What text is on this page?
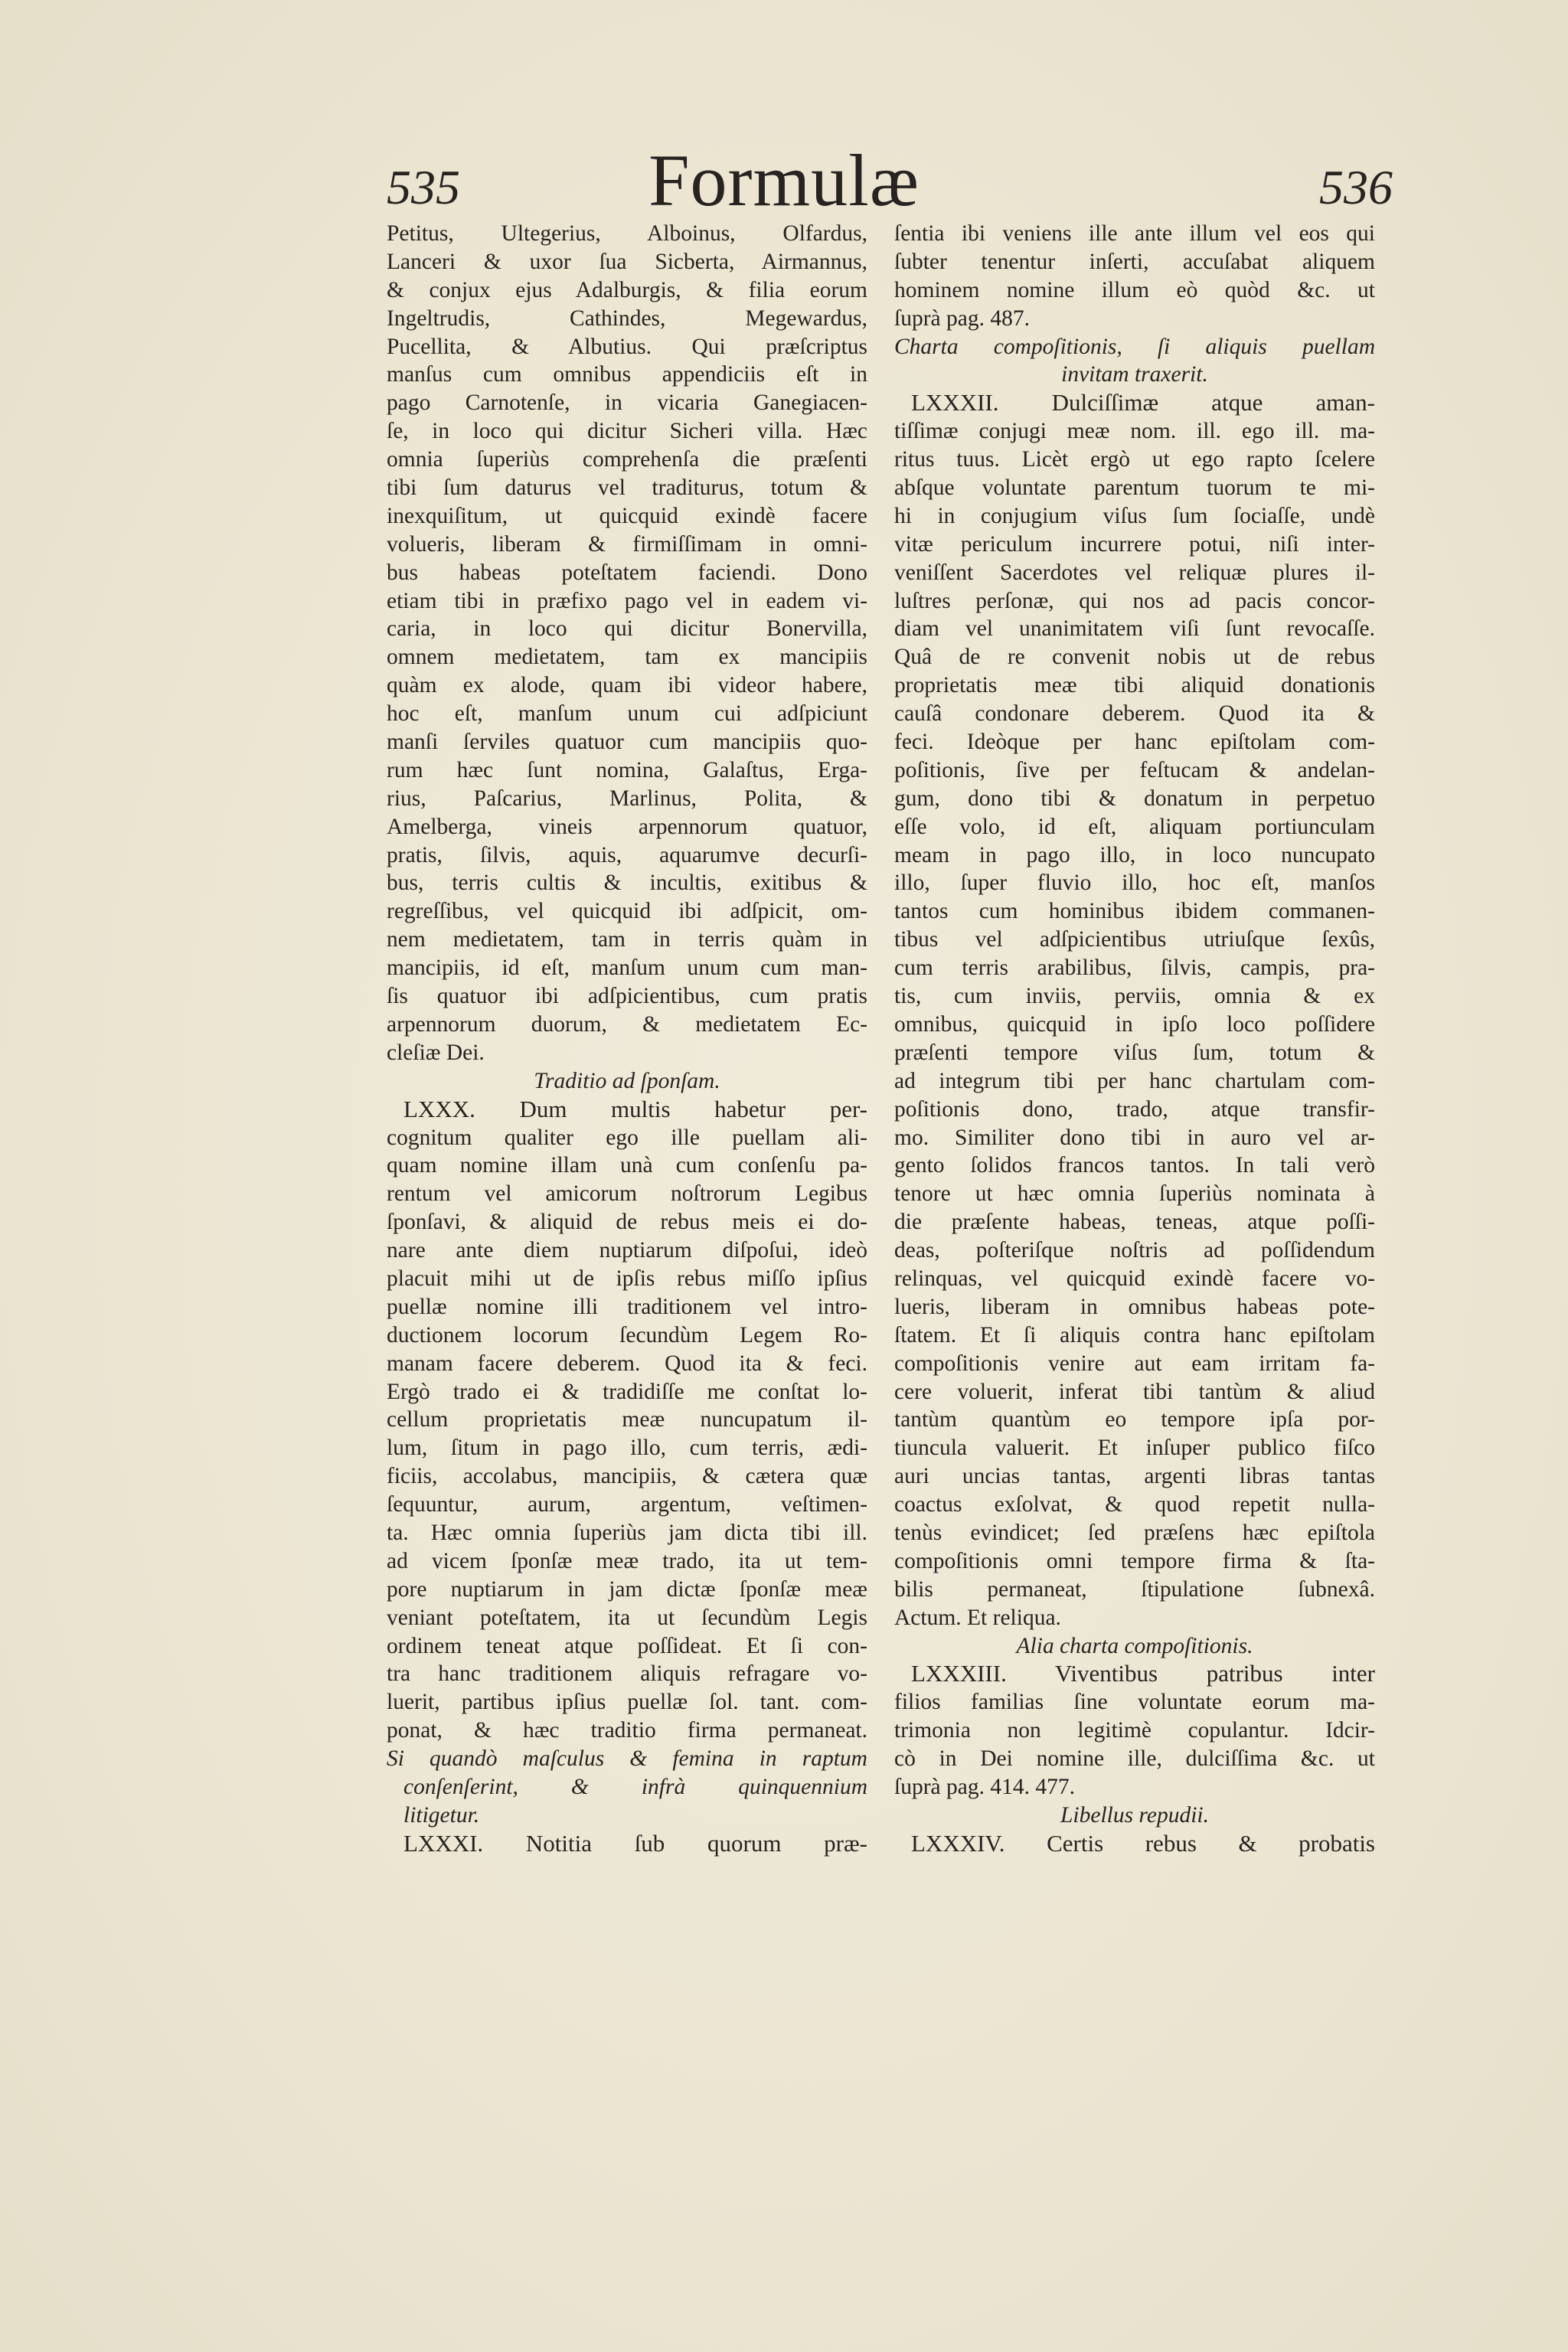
535	Formulæ	536
Petitus, Ultegerius, Alboinus, Olfardus,
Lanceri & uxor ſua Sicberta, Airmannus,
& conjux ejus Adalburgis, & filia eorum
Ingeltrudis, Cathindes, Megewardus,
Pucellita, & Albutius. Qui præſcriptus
manſus cum omnibus appendiciis eſt in
pago Carnotenſe, in vicaria Ganegiacen-
ſe, in loco qui dicitur Sicheri villa. Hæc
omnia ſuperiùs comprehenſa die præſenti
tibi ſum daturus vel traditurus, totum &
inexquiſitum, ut quicquid exindè facere
volueris, liberam & firmiſſimam in omni-
bus habeas poteſtatem faciendi. Dono
etiam tibi in præfixo pago vel in eadem vi-
caria, in loco qui dicitur Bonervilla,
omnem medietatem, tam ex mancipiis
quàm ex alode, quam ibi videor habere,
hoc eſt, manſum unum cui adſpiciunt
manſi ſerviles quatuor cum mancipiis quo-
rum hæc ſunt nomina, Galaſtus, Erga-
rius, Paſcarius, Marlinus, Polita, &
Amelberga, vineis arpennorum quatuor,
pratis, ſilvis, aquis, aquarumve decurſi-
bus, terris cultis & incultis, exitibus &
regreſſibus, vel quicquid ibi adſpicit, om-
nem medietatem, tam in terris quàm in
mancipiis, id eſt, manſum unum cum man-
ſis quatuor ibi adſpicientibus, cum pratis
arpennorum duorum, & medietatem Ec-
cleſiæ Dei.
Traditio ad ſponſam.
LXXX. Dum multis habetur per-
cognitum qualiter ego ille puellam ali-
quam nomine illam unà cum conſenſu pa-
rentum vel amicorum noſtrorum Legibus
ſponſavi, & aliquid de rebus meis ei do-
nare ante diem nuptiarum diſpoſui, ideò
placuit mihi ut de ipſis rebus miſſo ipſius
puellæ nomine illi traditionem vel intro-
ductionem locorum ſecundùm Legem Ro-
manam facere deberem. Quod ita & feci.
Ergò trado ei & tradidiſſe me conſtat lo-
cellum proprietatis meæ nuncupatum il-
lum, ſitum in pago illo, cum terris, ædi-
ficiis, accolabus, mancipiis, & cætera quæ
ſequuntur, aurum, argentum, veſtimen-
ta. Hæc omnia ſuperiùs jam dicta tibi ill.
ad vicem ſponſæ meæ trado, ita ut tem-
pore nuptiarum in jam dictæ ſponſæ meæ
veniant poteſtatem, ita ut ſecundùm Legis
ordinem teneat atque poſſideat. Et ſi con-
tra hanc traditionem aliquis refragare vo-
luerit, partibus ipſius puellæ ſol. tant. com-
ponat, & hæc traditio firma permaneat.
Si quandò maſculus & femina in raptum
conſenſerint, & infrà quinquennium
litigetur.
LXXXI. Notitia ſub quorum præ-
ſentia ibi veniens ille ante illum vel eos qui
ſubter tenentur inſerti, accuſabat aliquem
hominem nomine illum eò quòd &c. ut
ſuprà pag. 487.
Charta compoſitionis, ſi aliquis puellam
invitam traxerit.
LXXXII. Dulciſſimæ atque aman-
tiſſimæ conjugi meæ nom. ill. ego ill. ma-
ritus tuus. Licèt ergò ut ego rapto ſcelere
abſque voluntate parentum tuorum te mi-
hi in conjugium viſus ſum ſociaſſe, undè
vitæ periculum incurrere potui, niſi inter-
veniſſent Sacerdotes vel reliquæ plures il-
luſtres perſonæ, qui nos ad pacis concor-
diam vel unanimitatem viſi ſunt revocaſſe.
Quâ de re convenit nobis ut de rebus
proprietatis meæ tibi aliquid donationis
cauſâ condonare deberem. Quod ita &
feci. Ideòque per hanc epiſtolam com-
poſitionis, ſive per feſtucam & andelan-
gum, dono tibi & donatum in perpetuo
eſſe volo, id eſt, aliquam portiunculam
meam in pago illo, in loco nuncupato
illo, ſuper fluvio illo, hoc eſt, manſos
tantos cum hominibus ibidem commanen-
tibus vel adſpicientibus utriuſque ſexûs,
cum terris arabilibus, ſilvis, campis, pra-
tis, cum inviis, perviis, omnia & ex
omnibus, quicquid in ipſo loco poſſidere
præſenti tempore viſus ſum, totum &
ad integrum tibi per hanc chartulam com-
poſitionis dono, trado, atque transfir-
mo. Similiter dono tibi in auro vel ar-
gento ſolidos francos tantos. In tali verò
tenore ut hæc omnia ſuperiùs nominata à
die præſente habeas, teneas, atque poſſi-
deas, poſteriſque noſtris ad poſſidendum
relinquas, vel quicquid exindè facere vo-
lueris, liberam in omnibus habeas pote-
ſtatem. Et ſi aliquis contra hanc epiſtolam
compoſitionis venire aut eam irritam fa-
cere voluerit, inferat tibi tantùm & aliud
tantùm quantùm eo tempore ipſa por-
tiuncula valuerit. Et inſuper publico fiſco
auri uncias tantas, argenti libras tantas
coactus exſolvat, & quod repetit nulla-
tenùs evindicet; ſed præſens hæc epiſtola
compoſitionis omni tempore firma & ſta-
bilis permaneat, ſtipulatione ſubnexâ.
Actum. Et reliqua.
Alia charta compoſitionis.
LXXXIII. Viventibus patribus inter
filios familias ſine voluntate eorum ma-
trimonia non legitimè copulantur. Idcir-
cò in Dei nomine ille, dulciſſima &c. ut
ſuprà pag. 414. 477.
Libellus repudii.
LXXXIV. Certis rebus & probatis
